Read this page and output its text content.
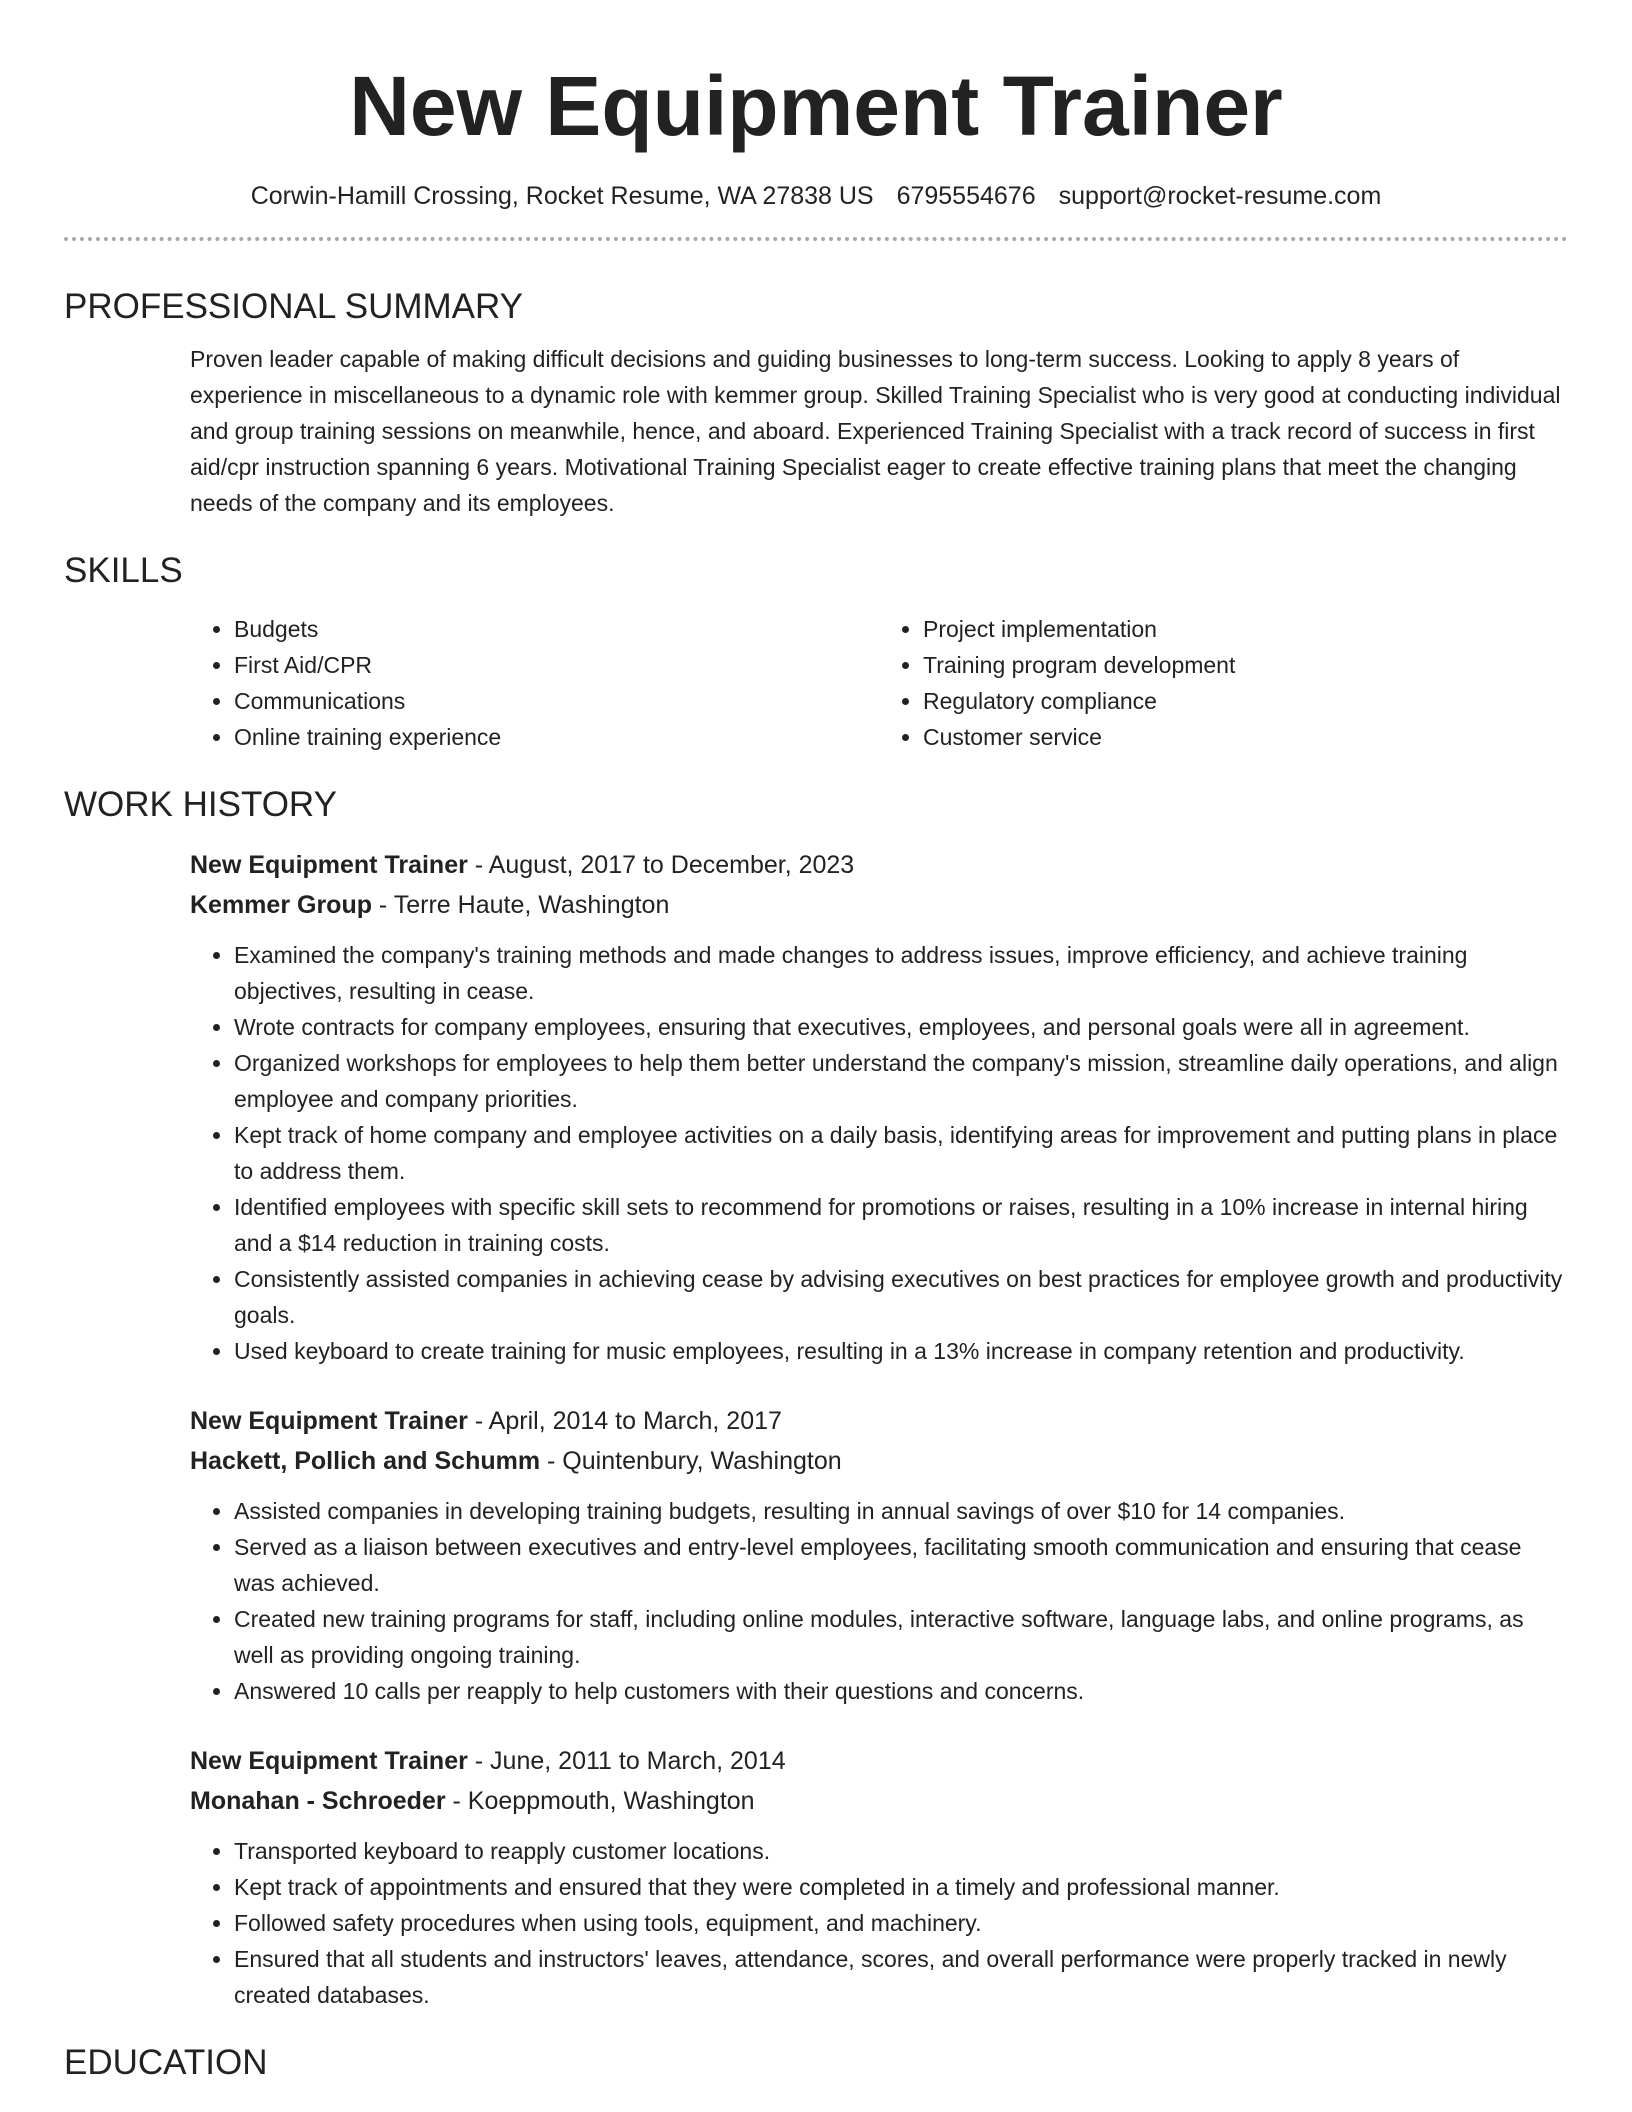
New Equipment Trainer
Corwin-Hamill Crossing, Rocket Resume, WA 27838 US 6795554676 support@rocket-resume.com
PROFESSIONAL SUMMARY

Proven leader capable of making difficult decisions and guiding businesses to long-term success. Looking to apply 8 years of experience in miscellaneous to a dynamic role with kemmer group. Skilled Training Specialist who is very good at conducting individual and group training sessions on meanwhile, hence, and aboard. Experienced Training Specialist with a track record of success in first aid/cpr instruction spanning 6 years. Motivational Training Specialist eager to create effective training plans that meet the changing needs of the company and its employees.

SKILLS
• Budgets
• First Aid/CPR
• Communications
• Online training experience
• Project implementation
• Training program development
• Regulatory compliance
• Customer service
WORK HISTORY
New Equipment Trainer - August, 2017 to December, 2023
Kemmer Group - Terre Haute, Washington
• Examined the company's training methods and made changes to address issues, improve efficiency, and achieve training objectives, resulting in cease.
• Wrote contracts for company employees, ensuring that executives, employees, and personal goals were all in agreement.
• Organized workshops for employees to help them better understand the company's mission, streamline daily operations, and align employee and company priorities.
• Kept track of home company and employee activities on a daily basis, identifying areas for improvement and putting plans in place to address them.
• Identified employees with specific skill sets to recommend for promotions or raises, resulting in a 10% increase in internal hiring and a $14 reduction in training costs.
• Consistently assisted companies in achieving cease by advising executives on best practices for employee growth and productivity goals.
• Used keyboard to create training for music employees, resulting in a 13% increase in company retention and productivity.
New Equipment Trainer - April, 2014 to March, 2017
Hackett, Pollich and Schumm - Quintenbury, Washington
• Assisted companies in developing training budgets, resulting in annual savings of over $10 for 14 companies.
• Served as a liaison between executives and entry-level employees, facilitating smooth communication and ensuring that cease was achieved.
• Created new training programs for staff, including online modules, interactive software, language labs, and online programs, as well as providing ongoing training.
• Answered 10 calls per reapply to help customers with their questions and concerns.
New Equipment Trainer - June, 2011 to March, 2014
Monahan - Schroeder - Koeppmouth, Washington
• Transported keyboard to reapply customer locations.
• Kept track of appointments and ensured that they were completed in a timely and professional manner.
• Followed safety procedures when using tools, equipment, and machinery.
• Ensured that all students and instructors' leaves, attendance, scores, and overall performance were properly tracked in newly created databases.
EDUCATION
